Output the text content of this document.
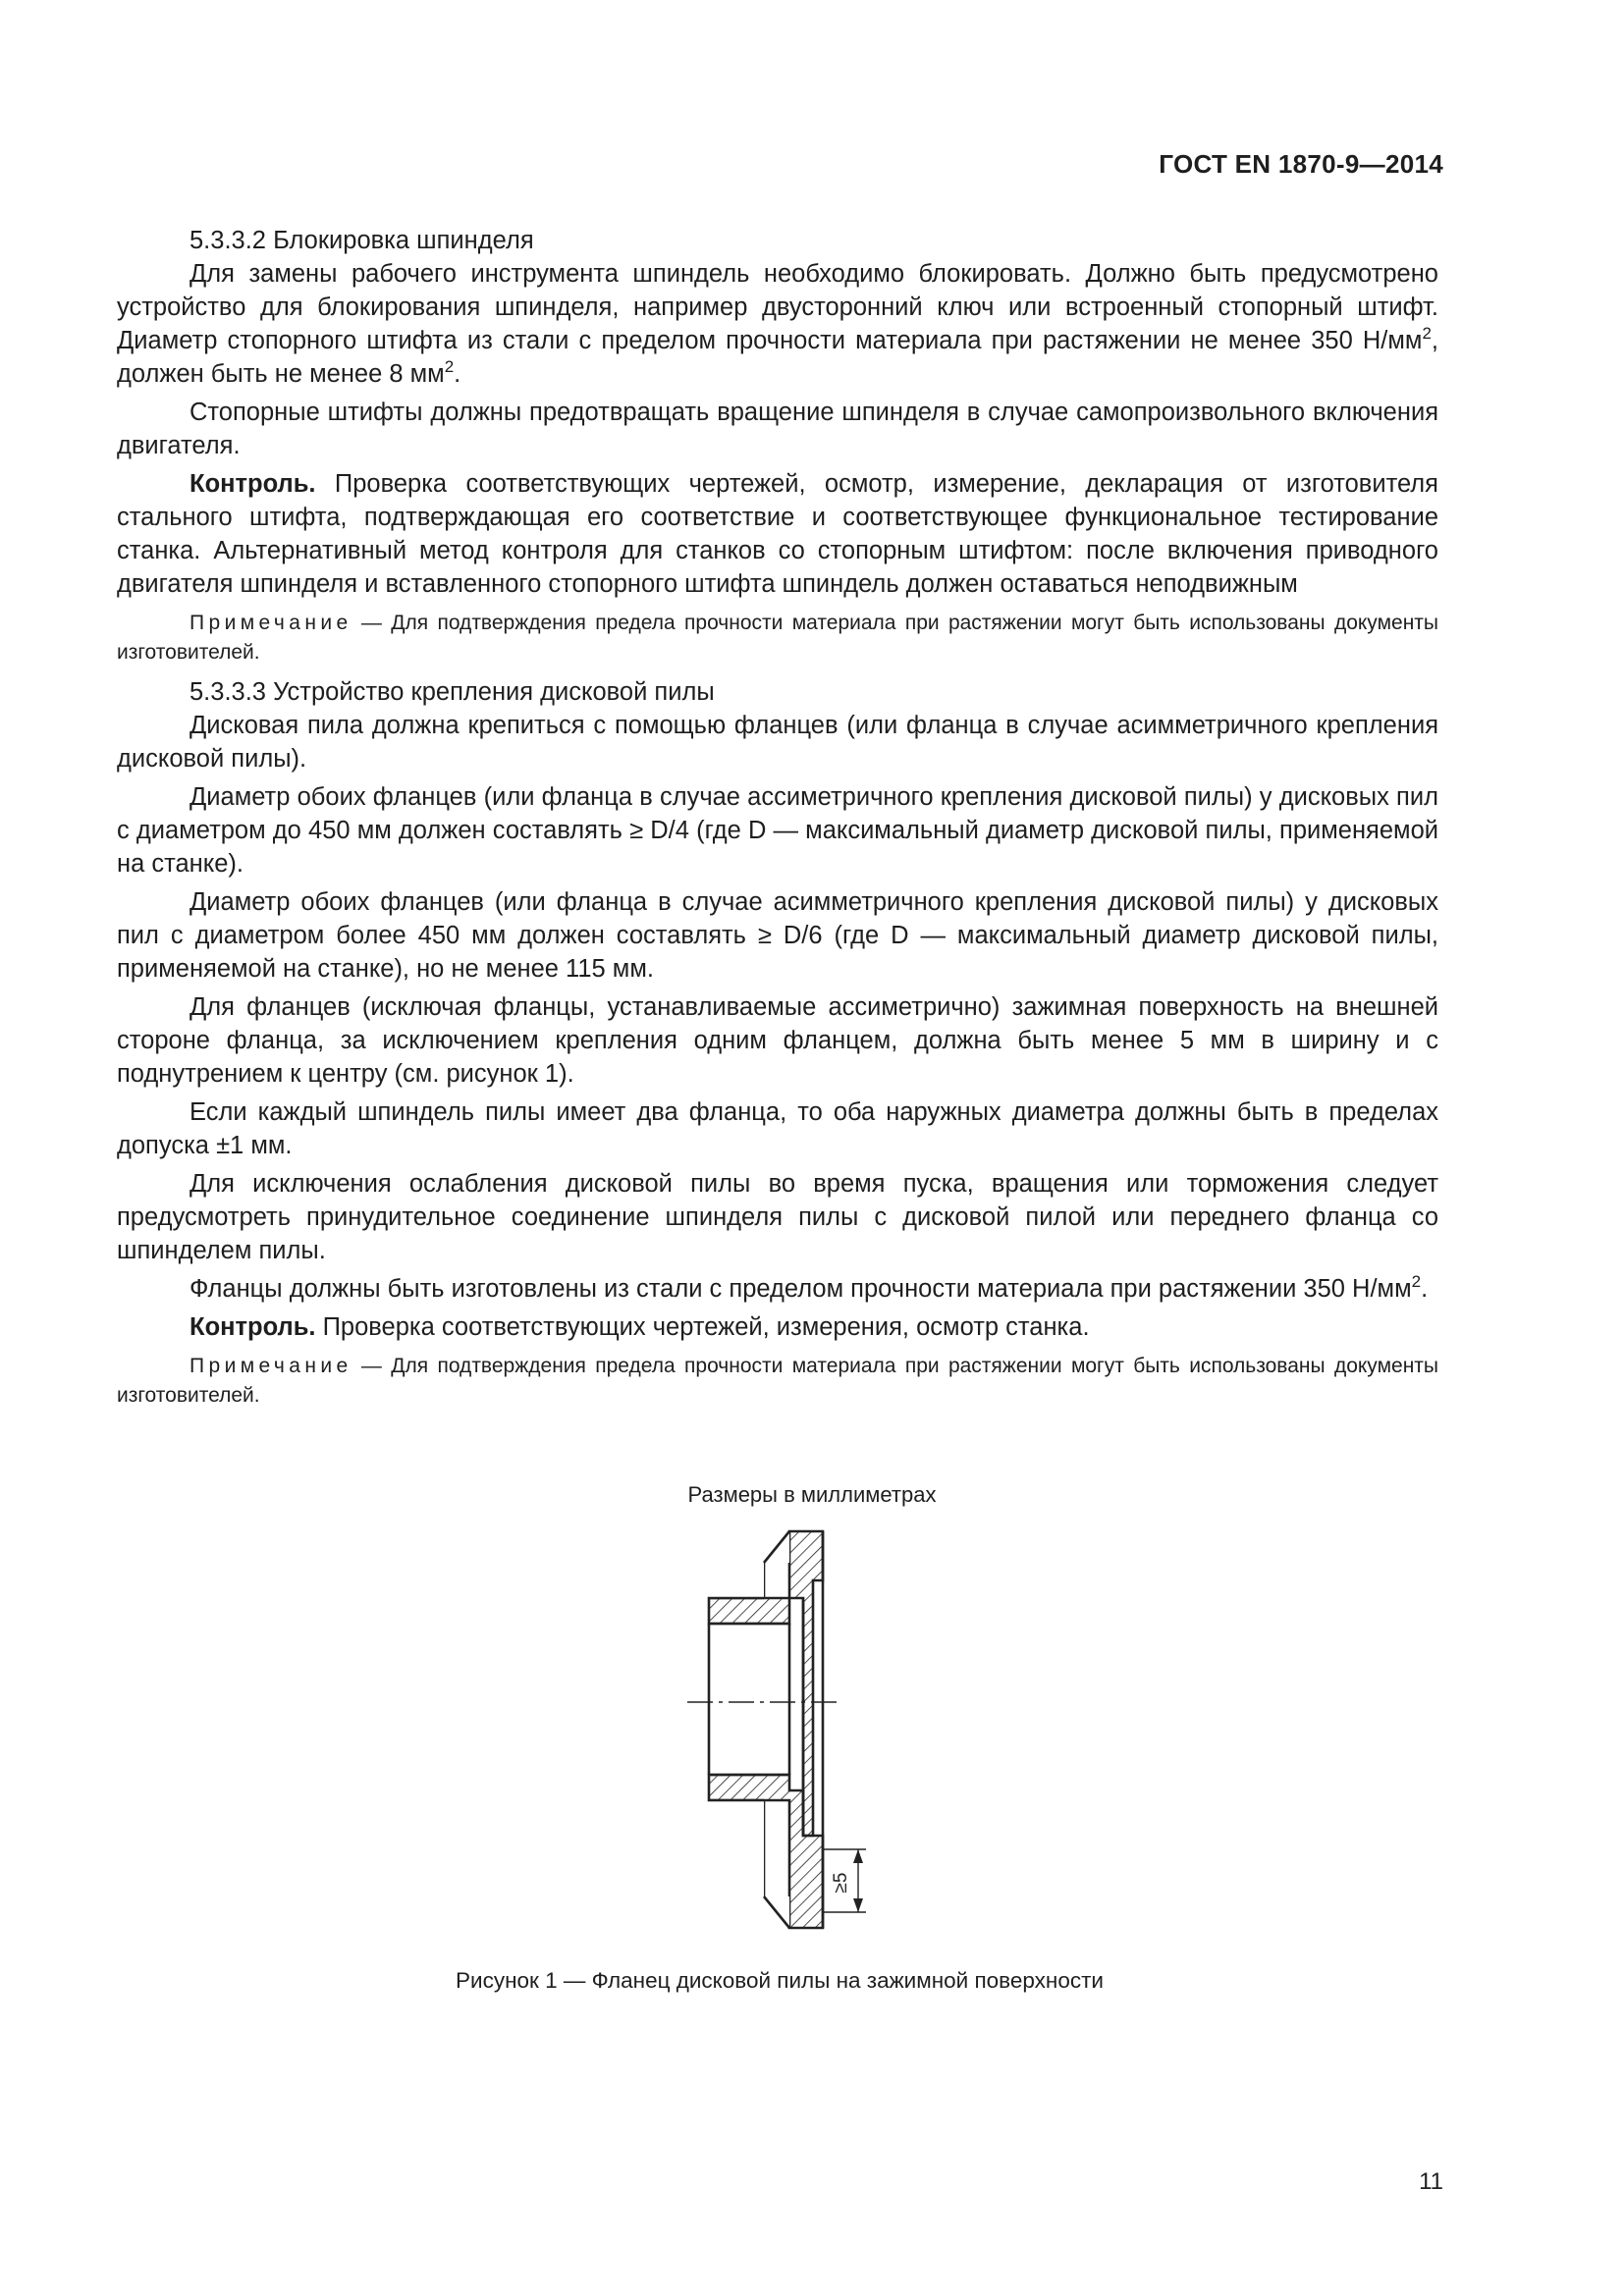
ГОСТ EN 1870-9—2014

5.3.3.2 Блокировка шпинделя

Для замены рабочего инструмента шпиндель необходимо блокировать. Должно быть предусмотрено устройство для блокирования шпинделя, например двусторонний ключ или встроенный стопорный штифт. Диаметр стопорного штифта из стали с пределом прочности материала при растяжении не менее 350 $Н/мм^2$, должен быть не менее 8 $мм^2$.

Стопорные штифты должны предотвращать вращение шпинделя в случае самопроизвольного включения двигателя.

Контроль. Проверка соответствующих чертежей, осмотр, измерение, декларация от изготовителя стального штифта, подтверждающая его соответствие и соответствующее функциональное тестирование станка. Альтернативный метод контроля для станков со стопорным штифтом: после включения приводного двигателя шпинделя и вставленного стопорного штифта шпиндель должен оставаться неподвижным

Примечание — Для подтверждения предела прочности материала при растяжении могут быть использованы документы изготовителей.

5.3.3.3 Устройство крепления дисковой пилы

Дисковая пила должна крепиться с помощью фланцев (или фланца в случае асимметричного крепления дисковой пилы).

Диаметр обоих фланцев (или фланца в случае ассиметричного крепления дисковой пилы) у дисковых пил с диаметром до 450 мм должен составлять ≥ D/4 (где D — максимальный диаметр дисковой пилы, применяемой на станке).

Диаметр обоих фланцев (или фланца в случае асимметричного крепления дисковой пилы) у дисковых пил с диаметром более 450 мм должен составлять ≥ D/6 (где D — максимальный диаметр дисковой пилы, применяемой на станке), но не менее 115 мм.

Для фланцев (исключая фланцы, устанавливаемые ассиметрично) зажимная поверхность на внешней стороне фланца, за исключением крепления одним фланцем, должна быть менее 5 мм в ширину и с поднутрением к центру (см. рисунок 1).

Если каждый шпиндель пилы имеет два фланца, то оба наружных диаметра должны быть в пределах допуска ±1 мм.

Для исключения ослабления дисковой пилы во время пуска, вращения или торможения следует предусмотреть принудительное соединение шпинделя пилы с дисковой пилой или переднего фланца со шпинделем пилы.

Фланцы должны быть изготовлены из стали с пределом прочности материала при растяжении 350 $Н/мм^2$.

Контроль. Проверка соответствующих чертежей, измерения, осмотр станка.

Примечание — Для подтверждения предела прочности материала при растяжении могут быть использованы документы изготовителей.

Размеры в миллиметрах
≥5
Рисунок 1 — Фланец дисковой пилы на зажимной поверхности
11
